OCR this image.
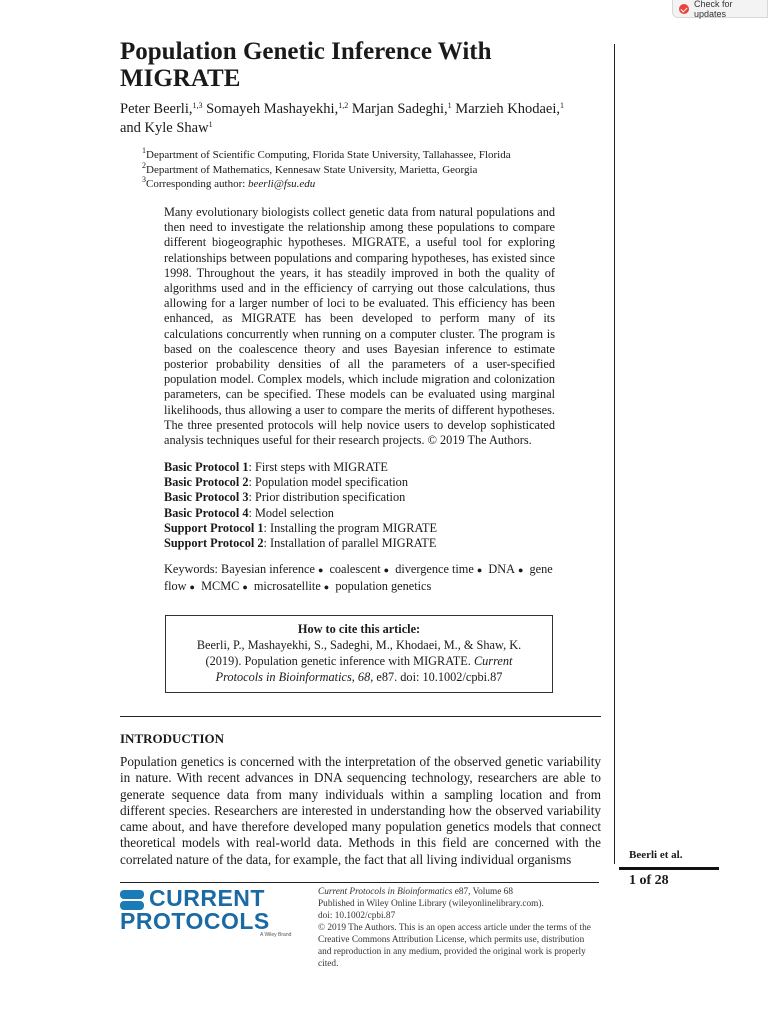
Check for updates
Population Genetic Inference With
MIGRATE
Peter Beerli,$^{1,3}$ Somayeh Mashayekhi,$^{1,2}$ Marjan Sadeghi,$^1$ Marzieh Khodaei,$^1$
and Kyle Shaw$^1$

$^1$Department of Scientific Computing, Florida State University, Tallahassee, Florida

$^2$Department of Mathematics, Kennesaw State University, Marietta, Georgia

$^3$Corresponding author: beerli@fsu.edu

Many evolutionary biologists collect genetic data from natural populations and then need to investigate the relationship among these populations to compare different biogeographic hypotheses. MIGRATE, a useful tool for exploring relationships between populations and comparing hypotheses, has existed since 1998. Throughout the years, it has steadily improved in both the quality of algorithms used and in the efficiency of carrying out those calculations, thus allowing for a larger number of loci to be evaluated. This efficiency has been enhanced, as MIGRATE has been developed to perform many of its calculations concurrently when running on a computer cluster. The program is based on the coalescence theory and uses Bayesian inference to estimate posterior probability densities of all the parameters of a user-specified population model. Complex models, which include migration and colonization parameters, can be specified. These models can be evaluated using marginal likelihoods, thus allowing a user to compare the merits of different hypotheses. The three presented protocols will help novice users to develop sophisticated analysis techniques useful for their research projects. © 2019 The Authors.
Basic Protocol 1: First steps with MIGRATE
Basic Protocol 2: Population model specification
Basic Protocol 3: Prior distribution specification
Basic Protocol 4: Model selection
Support Protocol 1: Installing the program MIGRATE
Support Protocol 2: Installation of parallel MIGRATE
Keywords: Bayesian inference ● coalescent ● divergence time ● DNA ● gene flow ● MCMC ● microsatellite ● population genetics
How to cite this article:
Beerli, P., Mashayekhi, S., Sadeghi, M., Khodaei, M., & Shaw, K.
(2019). Population genetic inference with MIGRATE. Current
Protocols in Bioinformatics, 68, e87. doi: 10.1002/cpbi.87
INTRODUCTION
Population genetics is concerned with the interpretation of the observed genetic variability in nature. With recent advances in DNA sequencing technology, researchers are able to generate sequence data from many individuals within a sampling location and from different species. Researchers are interested in understanding how the observed variability came about, and have therefore developed many population genetics models that connect theoretical models with real-world data. Methods in this field are concerned with the correlated nature of the data, for example, the fact that all living individual organisms	Beerli et al.
1 of 28
CURRENT
PROTOCOLS
A Wiley Brand

Current Protocols in Bioinformatics e87, Volume 68

Published in Wiley Online Library (wileyonlinelibrary.com).

doi: 10.1002/cpbi.87

© 2019 The Authors. This is an open access article under the terms of the Creative Commons Attribution License, which permits use, distribution and reproduction in any medium, provided the original work is properly cited.
